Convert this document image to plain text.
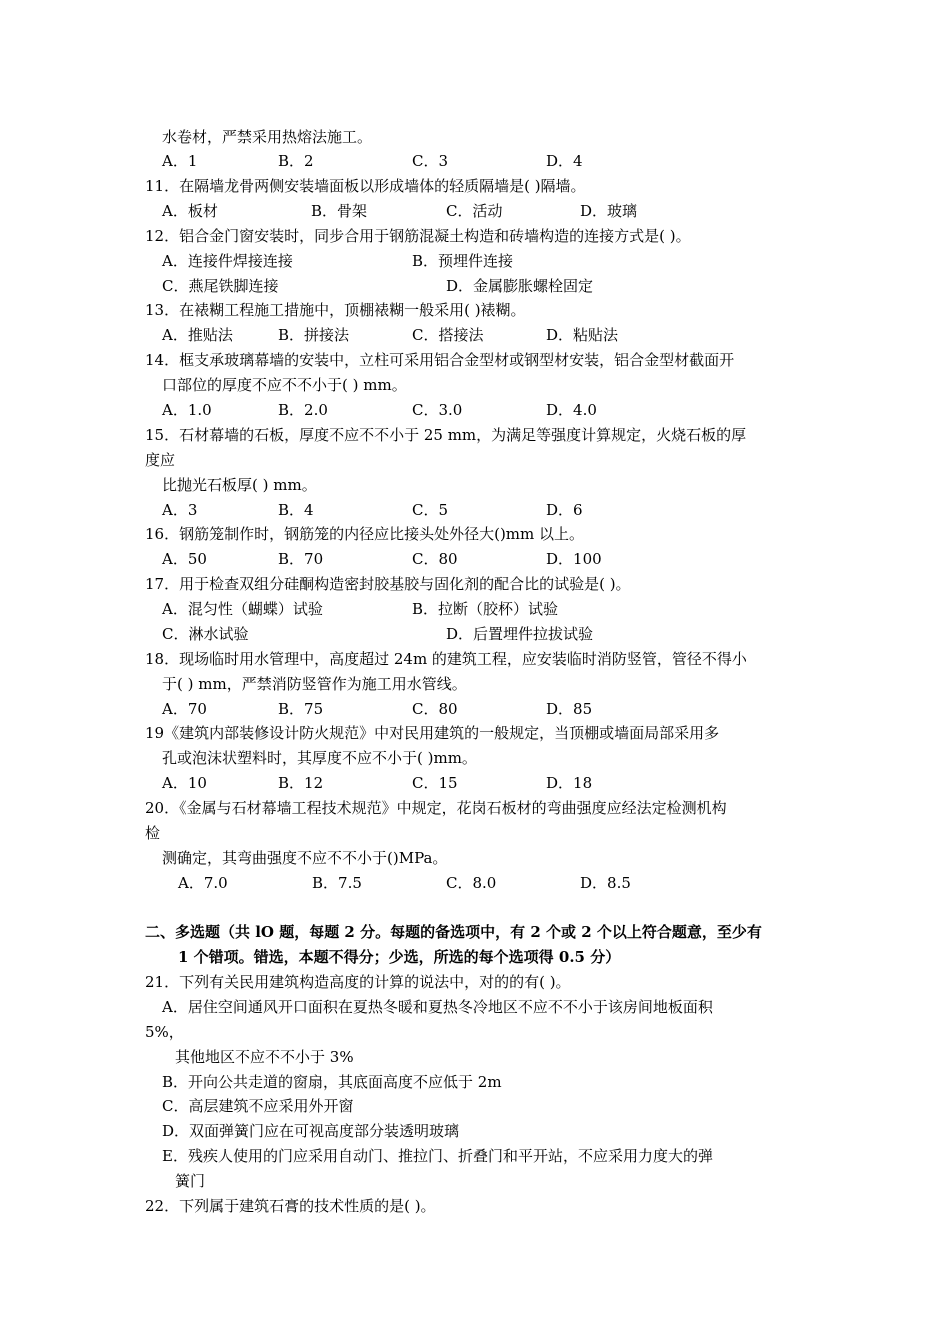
水卷材，严禁采用热熔法施工。
A．1	B．2	C．3	D．4
11．在隔墙龙骨两侧安装墙面板以形成墙体的轻质隔墙是( )隔墙。
A．板材	B．骨架	C．活动	D．玻璃
12．铝合金门窗安装时，同步合用于钢筋混凝土构造和砖墙构造的连接方式是( )。
A．连接件焊接连接	B．预埋件连接
C．燕尾铁脚连接	D．金属膨胀螺栓固定
13．在裱糊工程施工措施中，顶棚裱糊一般采用( )裱糊。
A．推贴法	B．拼接法	C．搭接法	D．粘贴法
14．框支承玻璃幕墙的安装中，立柱可采用铝合金型材或钢型材安装，铝合金型材截面开
口部位的厚度不应不不小于( ) mm。
A．1.0	B．2.0	C．3.0	D．4.0
15．石材幕墙的石板，厚度不应不不小于 25 mm，为满足等强度计算规定，火烧石板的厚
度应
比抛光石板厚( ) mm。
A．3	B．4	C．5	D．6
16．钢筋笼制作时，钢筋笼的内径应比接头处外径大()mm 以上。
A．50	B．70	C．80	D．100
17．用于检查双组分硅酮构造密封胶基胶与固化剂的配合比的试验是( )。
A．混匀性（蝴蝶）试验	B．拉断（胶杯）试验
C．淋水试验	D．后置埋件拉拔试验
18．现场临时用水管理中，高度超过 24m 的建筑工程，应安装临时消防竖管，管径不得小
于( ) mm，严禁消防竖管作为施工用水管线。
A．70	B．75	C．80	D．85
19《建筑内部装修设计防火规范》中对民用建筑的一般规定，当顶棚或墙面局部采用多
孔或泡沫状塑料时，其厚度不应不小于( )mm。
A．10	B．12	C．15	D．18
20．《金属与石材幕墙工程技术规范》中规定，花岗石板材的弯曲强度应经法定检测机构
检
测确定，其弯曲强度不应不不小于()MPa。
A．7.0	B．7.5	C．8.0	D．8.5
二、多选题（共 lO 题，每题 2 分。每题的备选项中，有 2 个或 2 个以上符合题意，至少有
1 个错项。错选，本题不得分；少选，所选的每个选项得 0.5 分）
21．下列有关民用建筑构造高度的计算的说法中，对的的有( )。
A．居住空间通风开口面积在夏热冬暖和夏热冬冷地区不应不不小于该房间地板面积
5%，
其他地区不应不不小于 3%
B．开向公共走道的窗扇，其底面高度不应低于 2m
C．高层建筑不应采用外开窗
D．双面弹簧门应在可视高度部分装透明玻璃
E．残疾人使用的门应采用自动门、推拉门、折叠门和平开站，不应采用力度大的弹
簧门
22．下列属于建筑石膏的技术性质的是( )。
